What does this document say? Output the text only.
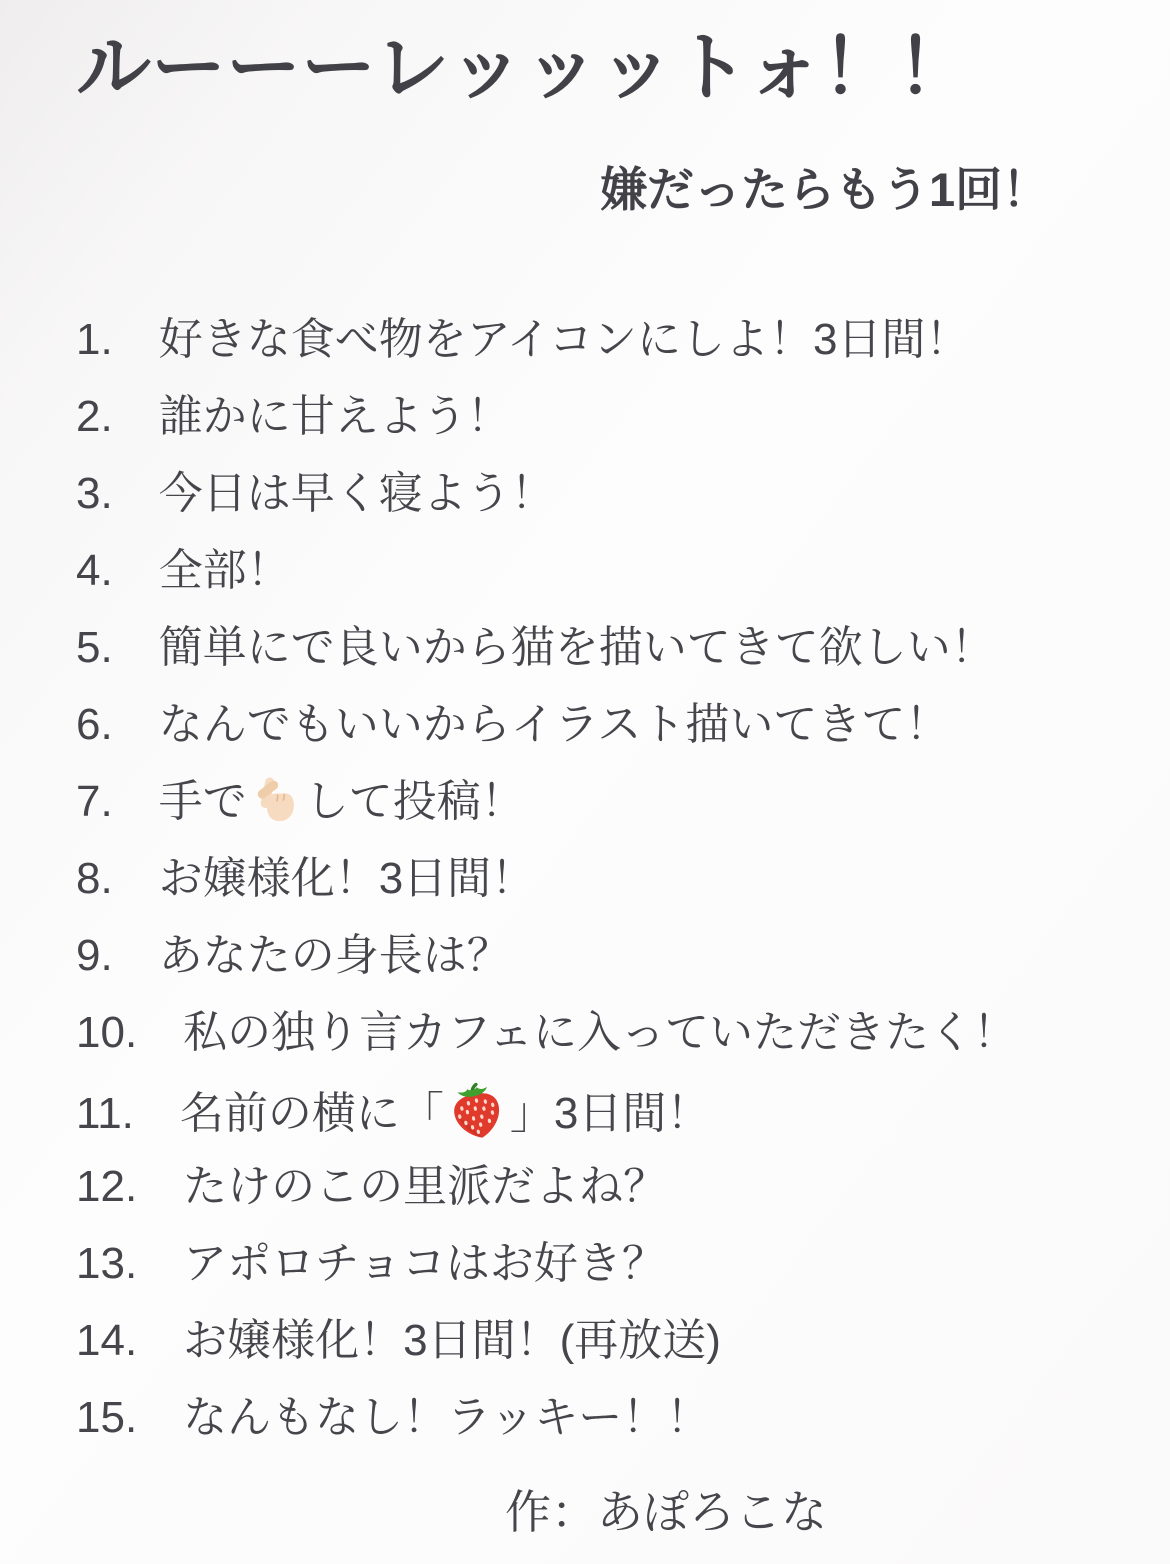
ルーーーレッッットォ！！
嫌だったらもう1回！
1. 好きな食べ物をアイコンにしよ！3日間！
2. 誰かに甘えよう！
3. 今日は早く寝よう！
4. 全部！
5. 簡単にで良いから猫を描いてきて欲しい！
6. なんでもいいからイラスト描いてきて！
7. 手で して投稿！
8. お嬢様化！3日間！
9. あなたの身長は？
10. 私の独り言カフェに入っていただきたく！
11. 名前の横に「 」3日間！
12. たけのこの里派だよね？
13. アポロチョコはお好き？
14. お嬢様化！3日間！(再放送)
15. なんもなし！ラッキー！！
作：あぽろこな
